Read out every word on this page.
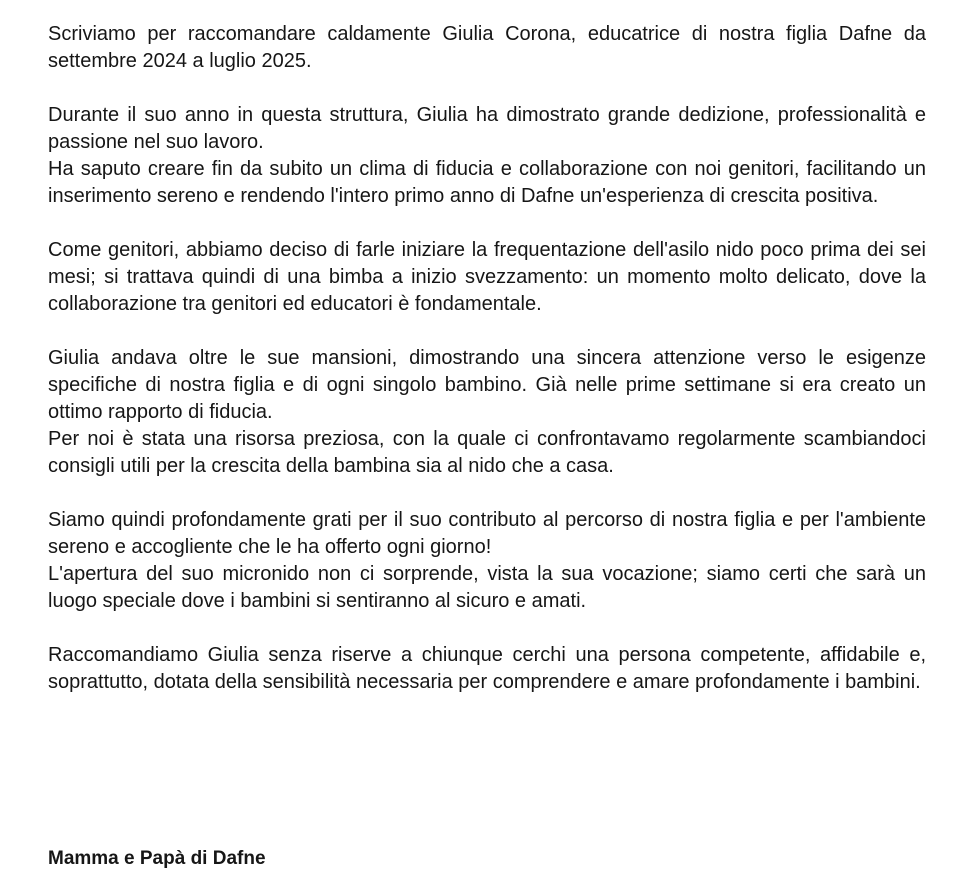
Scriviamo per raccomandare caldamente Giulia Corona, educatrice di nostra figlia Dafne da settembre 2024 a luglio 2025.

Durante il suo anno in questa struttura, Giulia ha dimostrato grande dedizione, professionalità e passione nel suo lavoro.
Ha saputo creare fin da subito un clima di fiducia e collaborazione con noi genitori, facilitando un inserimento sereno e rendendo l'intero primo anno di Dafne un'esperienza di crescita positiva.

Come genitori, abbiamo deciso di farle iniziare la frequentazione dell'asilo nido poco prima dei sei mesi; si trattava quindi di una bimba a inizio svezzamento: un momento molto delicato, dove la collaborazione tra genitori ed educatori è fondamentale.

Giulia andava oltre le sue mansioni, dimostrando una sincera attenzione verso le esigenze specifiche di nostra figlia e di ogni singolo bambino. Già nelle prime settimane si era creato un ottimo rapporto di fiducia.
Per noi è stata una risorsa preziosa, con la quale ci confrontavamo regolarmente scambiandoci consigli utili per la crescita della bambina sia al nido che a casa.

Siamo quindi profondamente grati per il suo contributo al percorso di nostra figlia e per l'ambiente sereno e accogliente che le ha offerto ogni giorno!
L'apertura del suo micronido non ci sorprende, vista la sua vocazione; siamo certi che sarà un luogo speciale dove i bambini si sentiranno al sicuro e amati.

Raccomandiamo Giulia senza riserve a chiunque cerchi una persona competente, affidabile e, soprattutto, dotata della sensibilità necessaria per comprendere e amare profondamente i bambini.

Mamma e Papà di Dafne
